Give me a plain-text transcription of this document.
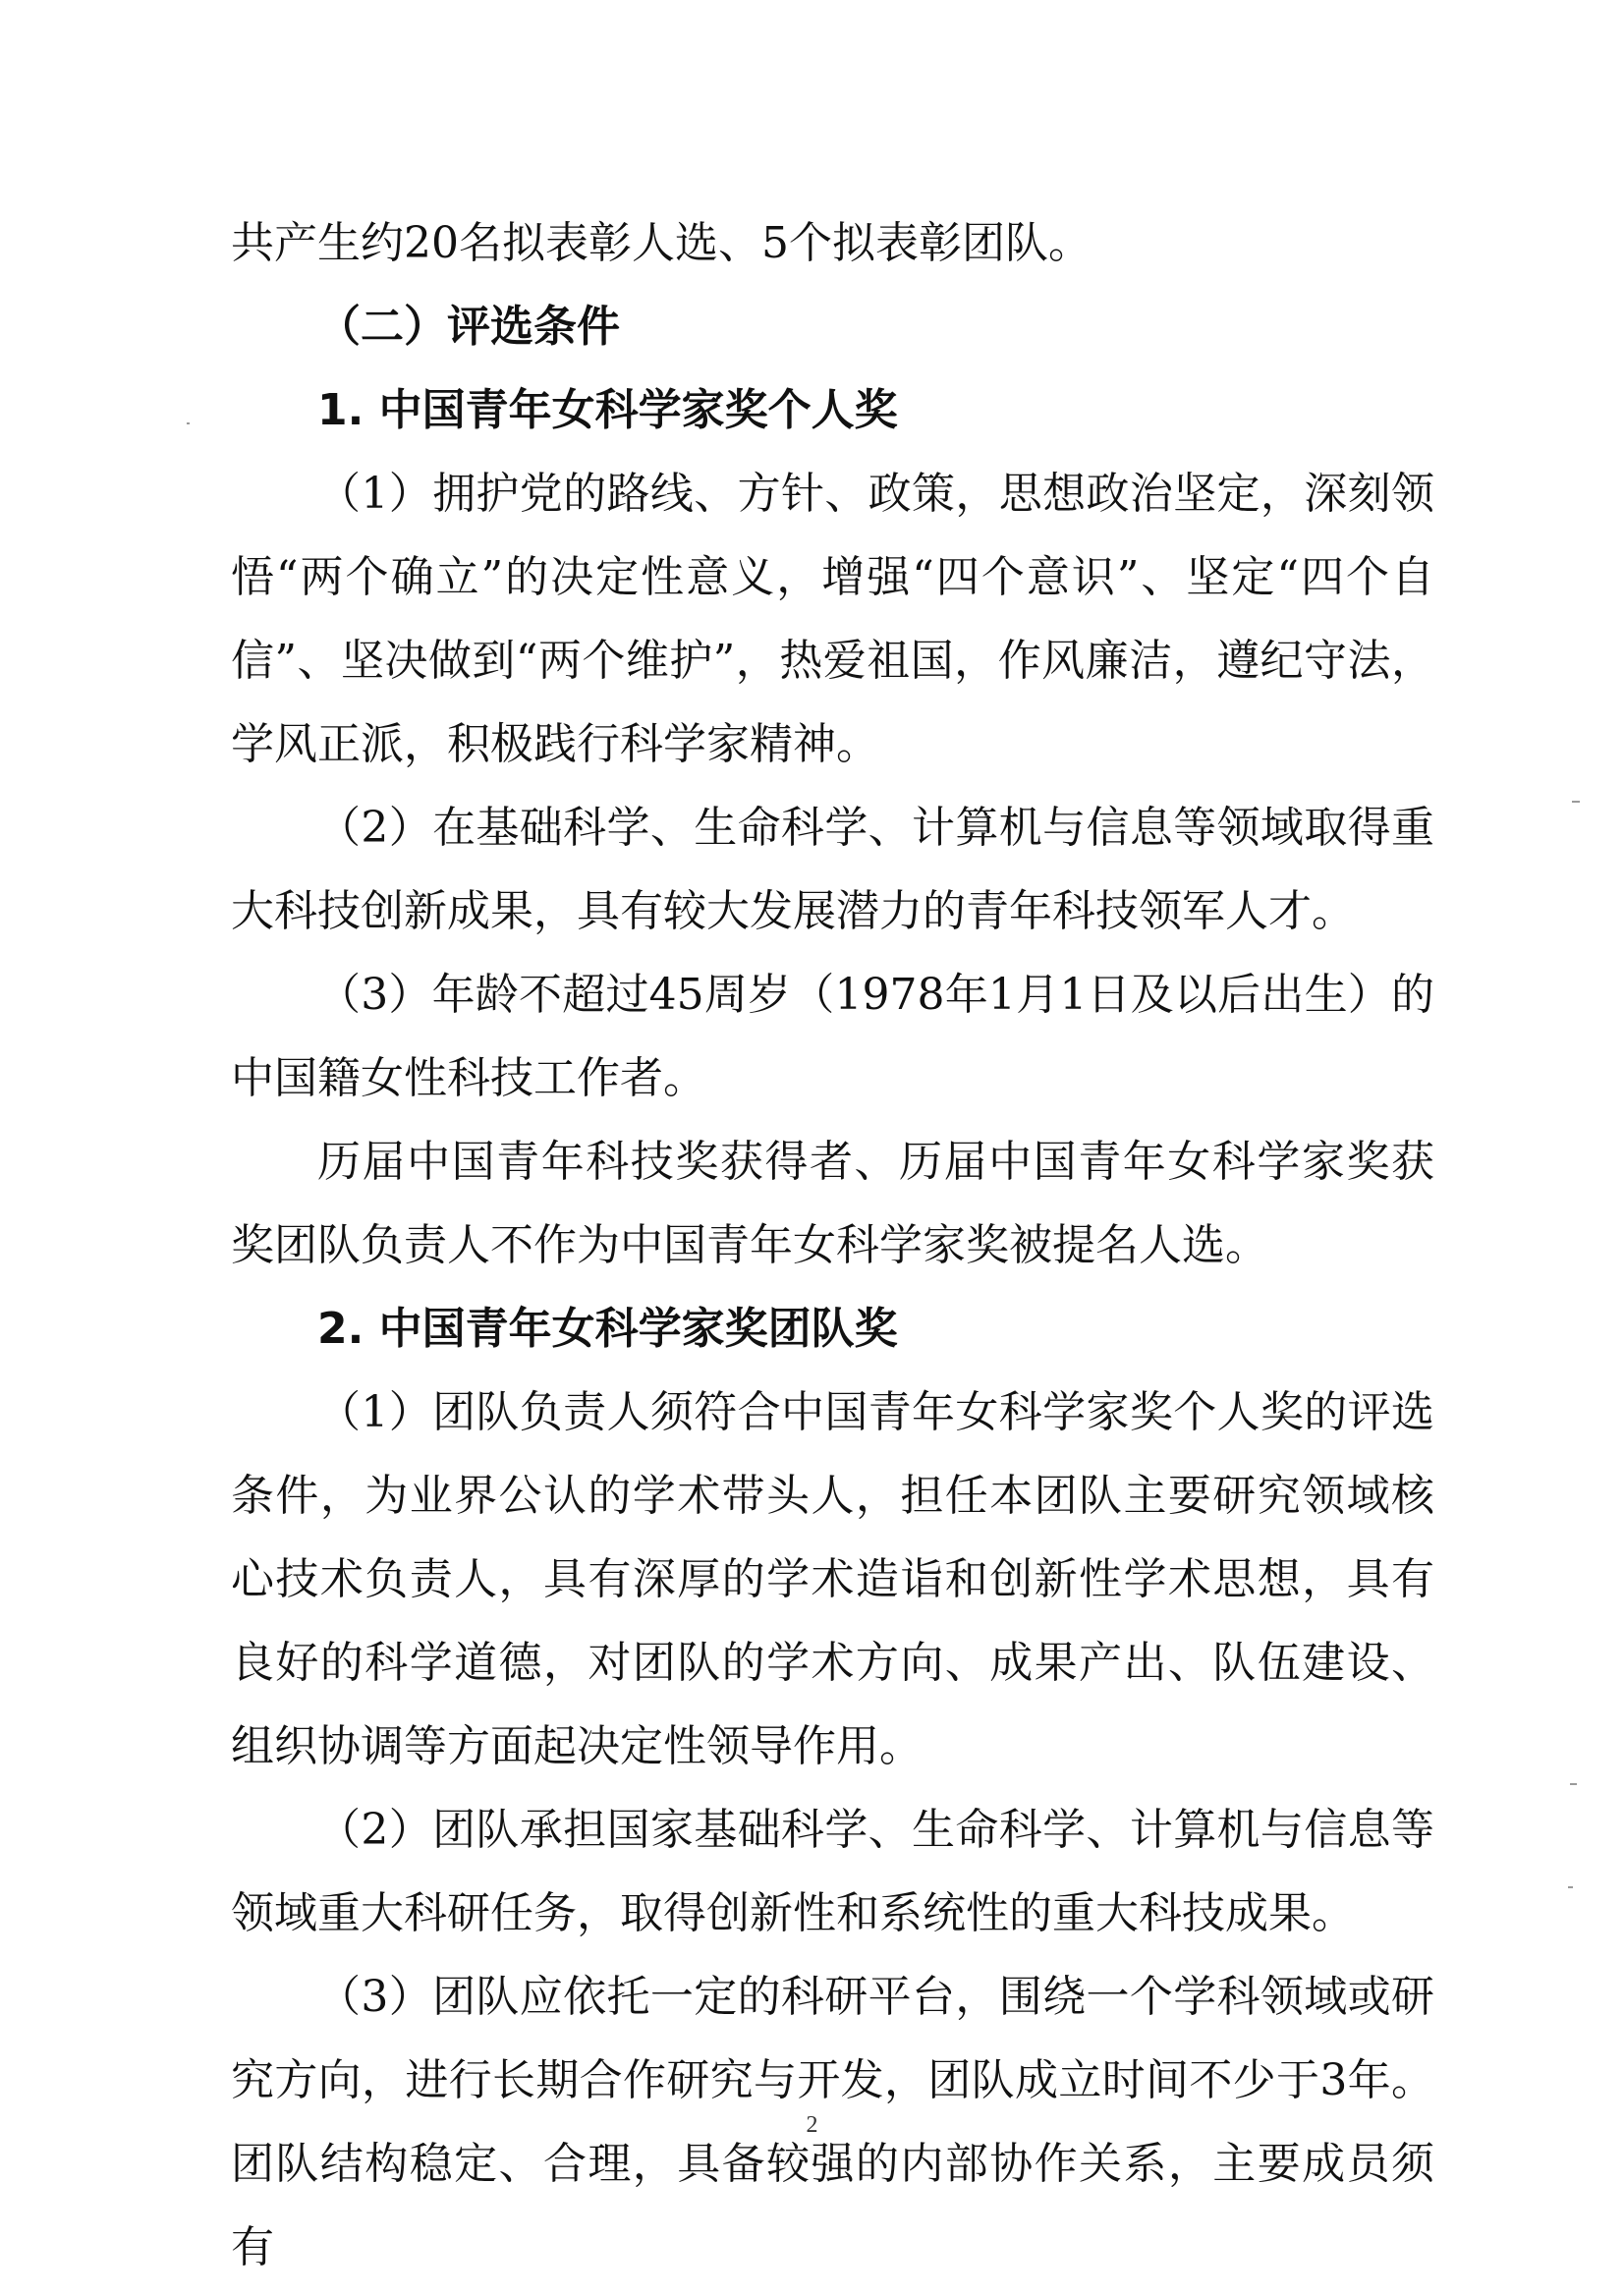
共产生约20名拟表彰人选、5个拟表彰团队。

（二）评选条件

1. 中国青年女科学家奖个人奖

（1）拥护党的路线、方针、政策，思想政治坚定，深刻领悟“两个确立”的决定性意义，增强“四个意识”、坚定“四个自信”、坚决做到“两个维护”，热爱祖国，作风廉洁，遵纪守法，学风正派，积极践行科学家精神。

（2）在基础科学、生命科学、计算机与信息等领域取得重大科技创新成果，具有较大发展潜力的青年科技领军人才。

（3）年龄不超过45周岁（1978年1月1日及以后出生）的中国籍女性科技工作者。

历届中国青年科技奖获得者、历届中国青年女科学家奖获奖团队负责人不作为中国青年女科学家奖被提名人选。

2. 中国青年女科学家奖团队奖

（1）团队负责人须符合中国青年女科学家奖个人奖的评选条件，为业界公认的学术带头人，担任本团队主要研究领域核心技术负责人，具有深厚的学术造诣和创新性学术思想，具有良好的科学道德，对团队的学术方向、成果产出、队伍建设、组织协调等方面起决定性领导作用。

（2）团队承担国家基础科学、生命科学、计算机与信息等领域重大科研任务，取得创新性和系统性的重大科技成果。

（3）团队应依托一定的科研平台，围绕一个学科领域或研究方向，进行长期合作研究与开发，团队成立时间不少于3年。团队结构稳定、合理，具备较强的内部协作关系，主要成员须有

2
